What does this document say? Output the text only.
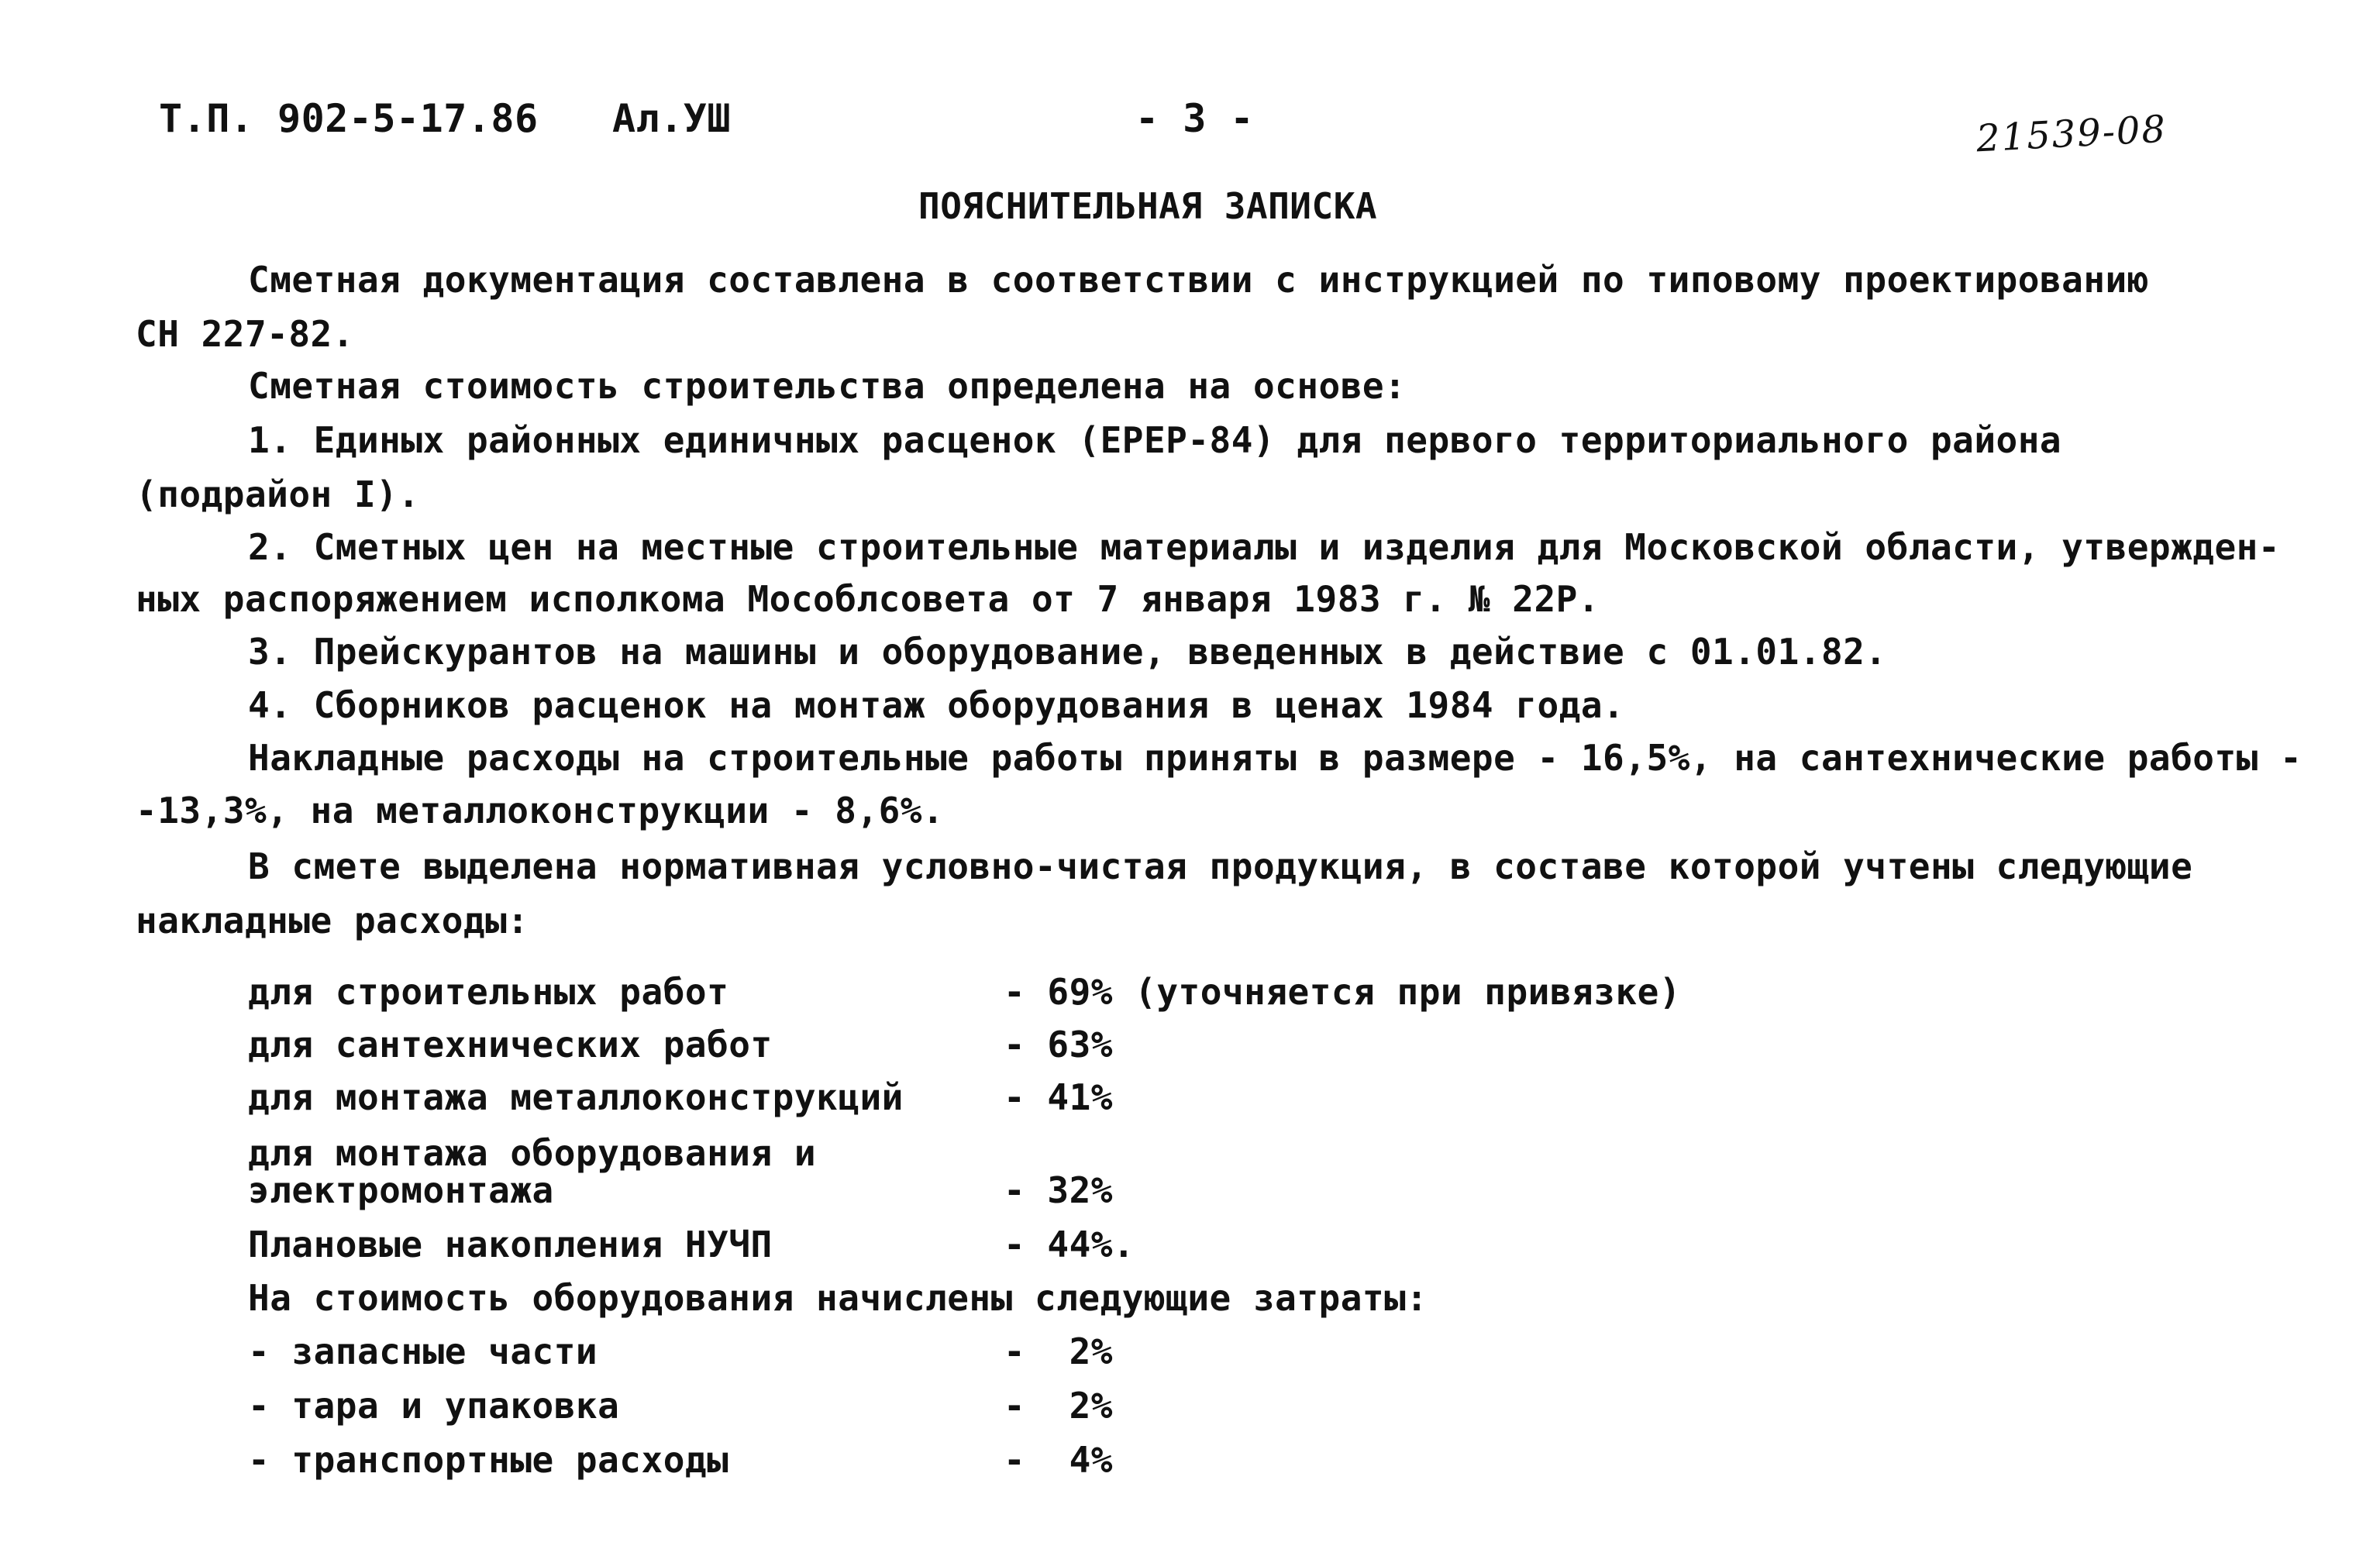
Т.П. 902-5-17.86 Ал.УШ	- 3 -	21539-08
ПОЯСНИТЕЛЬНАЯ ЗАПИСКА
Сметная документация составлена в соответствии с инструкцией по типовому проектированию
СН 227-82.
Сметная стоимость строительства определена на основе:
1. Единых районных единичных расценок (ЕРЕР-84) для первого территориального района
(подрайон I).
2. Сметных цен на местные строительные материалы и изделия для Московской области, утвержден-
ных распоряжением исполкома Мособлсовета от 7 января 1983 г. № 22Р.
3. Прейскурантов на машины и оборудование, введенных в действие с 01.01.82.
4. Сборников расценок на монтаж оборудования в ценах 1984 года.
Накладные расходы на строительные работы приняты в размере - 16,5%, на сантехнические работы -
-13,3%, на металлоконструкции - 8,6%.
В смете выделена нормативная условно-чистая продукция, в составе которой учтены следующие
накладные расходы:
для строительных работ	- 69% (уточняется при привязке)
для сантехнических работ	- 63%
для монтажа металлоконструкций	- 41%
для монтажа оборудования и
электромонтажа	- 32%
Плановые накопления НУЧП	- 44%.
На стоимость оборудования начислены следующие затраты:
- запасные части	-  2%
- тара и упаковка	-  2%
- транспортные расходы	-  4%
